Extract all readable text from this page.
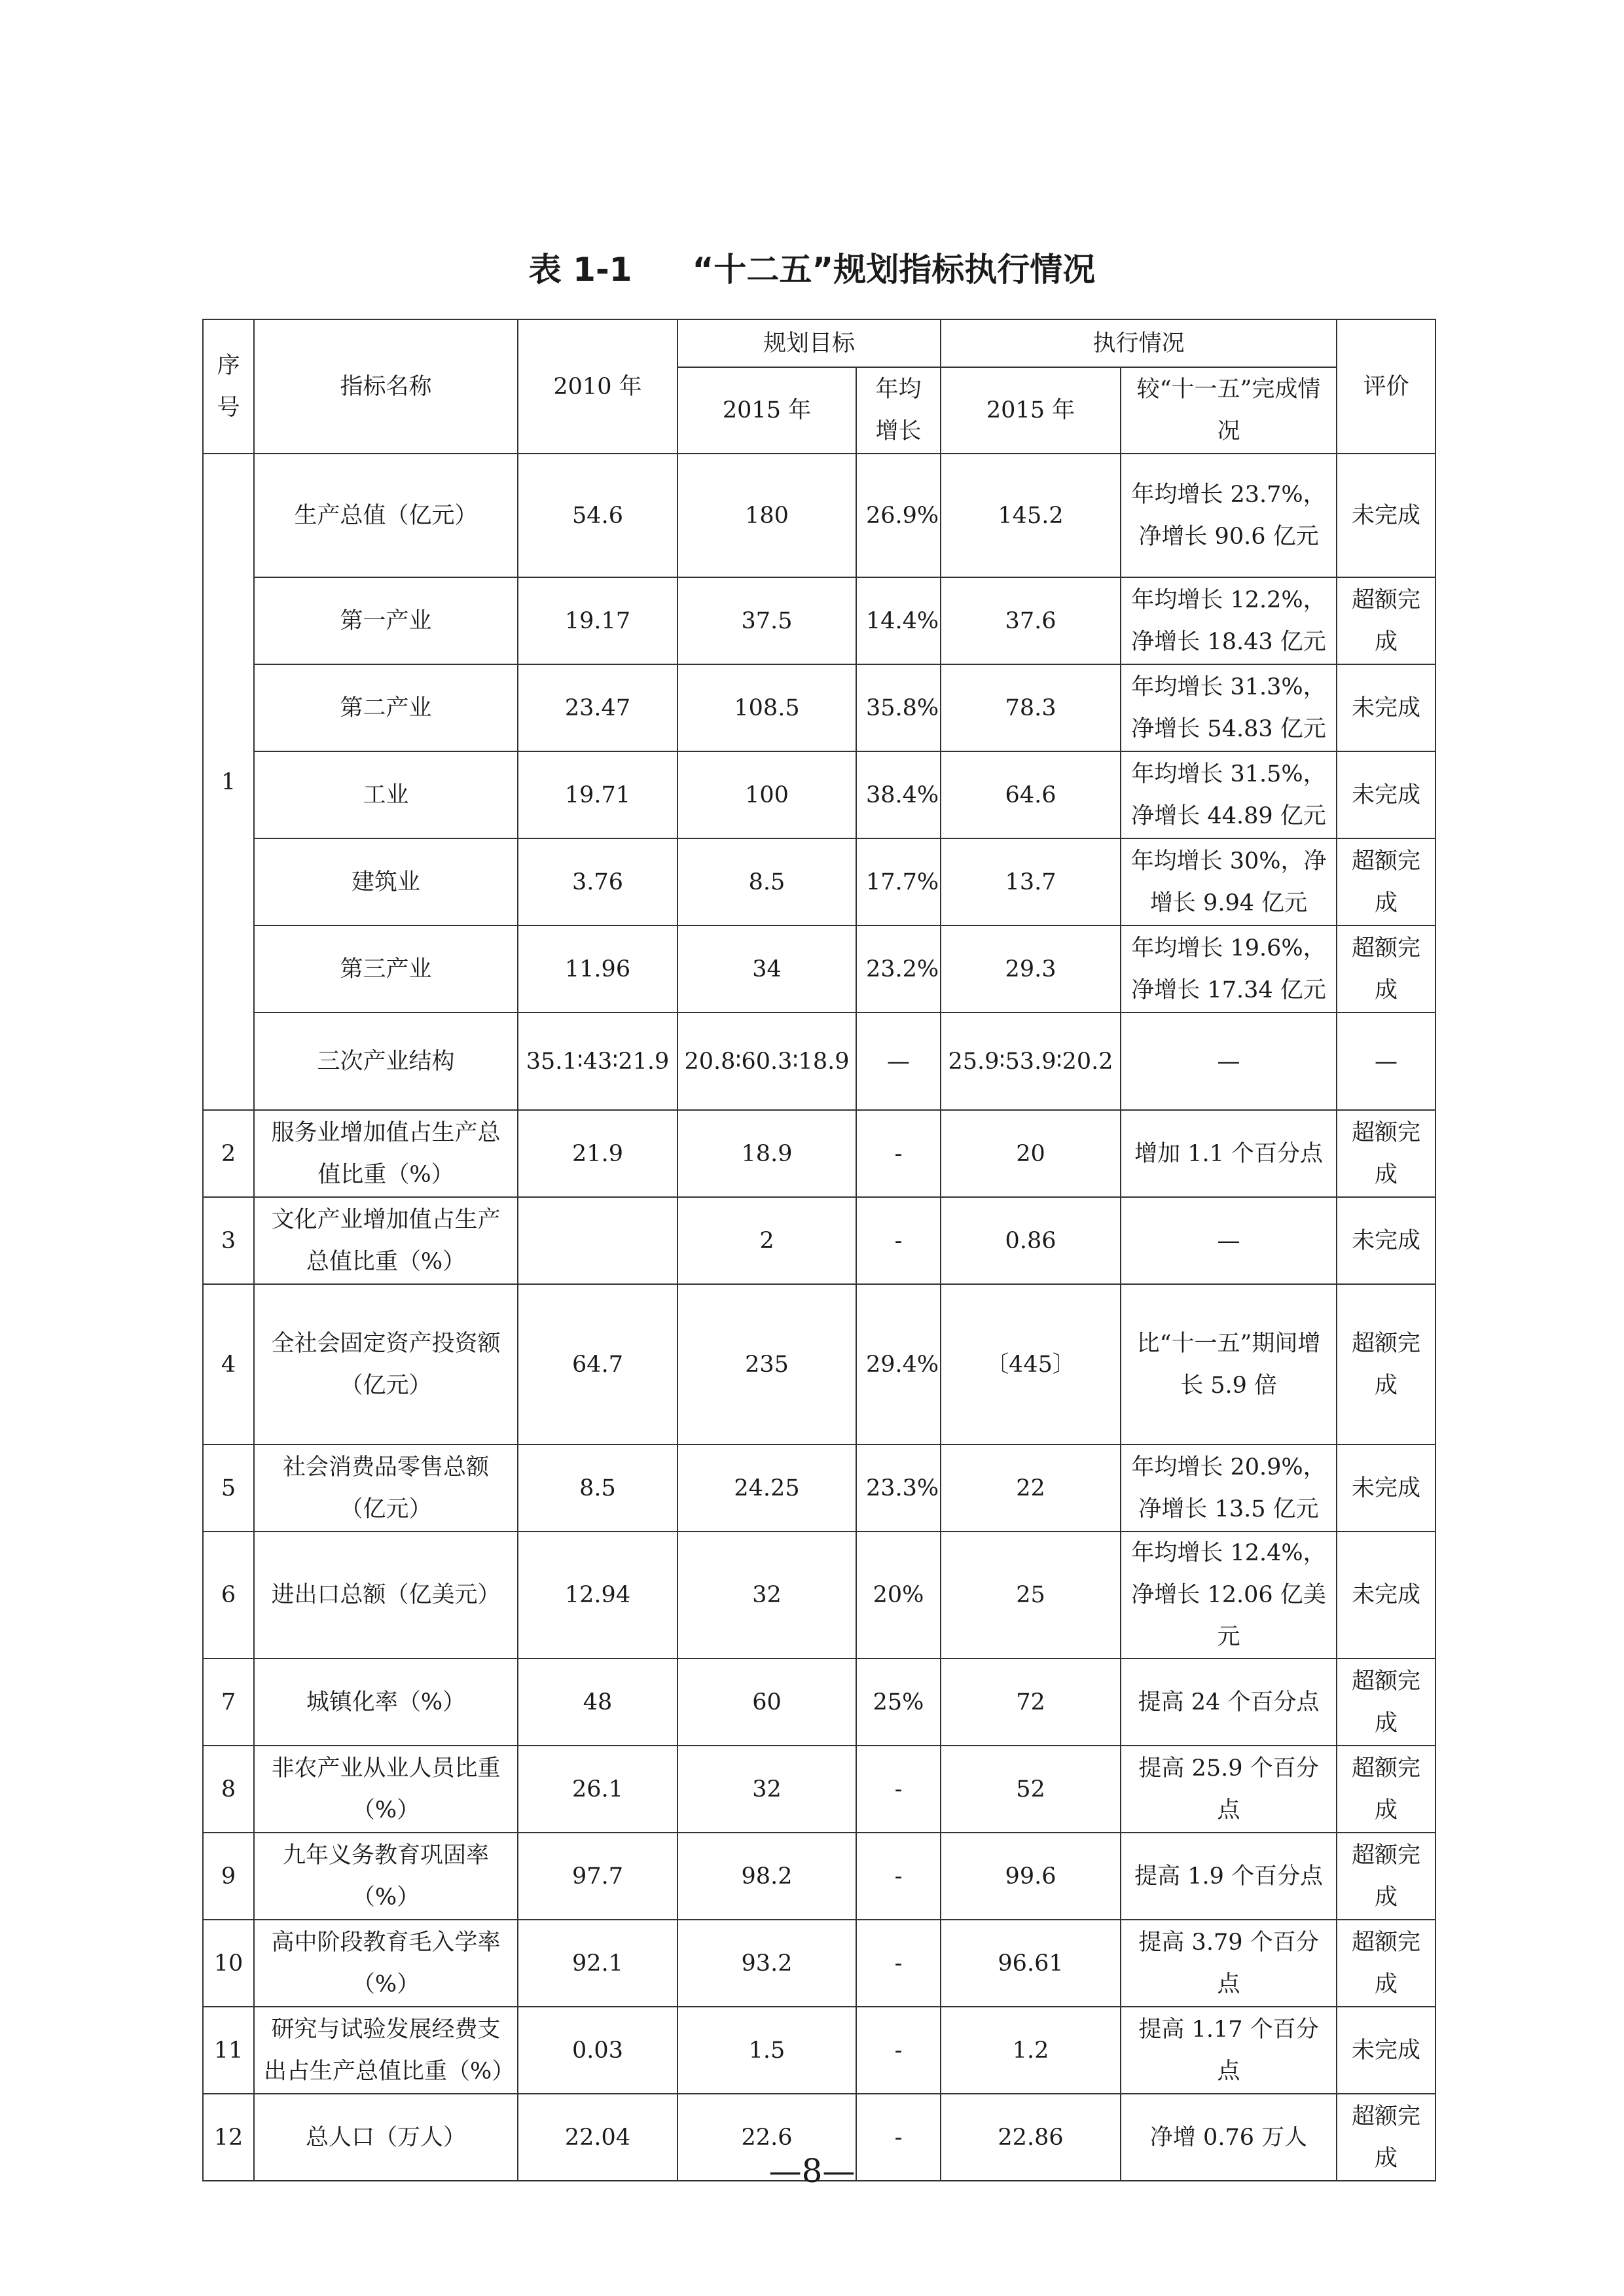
表 1-1 “十二五”规划指标执行情况
序号	指标名称	2010 年	规划目标		执行情况		评价
			2015 年	年均增长	2015 年	较“十一五”完成情况	
1	生产总值（亿元）	54.6	180	26.9%	145.2	年均增长 23.7%，净增长 90.6 亿元	未完成
	第一产业	19.17	37.5	14.4%	37.6	年均增长 12.2%，净增长 18.43 亿元	超额完成
	第二产业	23.47	108.5	35.8%	78.3	年均增长 31.3%，净增长 54.83 亿元	未完成
	工业	19.71	100	38.4%	64.6	年均增长 31.5%，净增长 44.89 亿元	未完成
	建筑业	3.76	8.5	17.7%	13.7	年均增长 30%，净增长 9.94 亿元	超额完成
	第三产业	11.96	34	23.2%	29.3	年均增长 19.6%，净增长 17.34 亿元	超额完成
	三次产业结构	35.1∶43∶21.9	20.8∶60.3∶18.9	—	25.9∶53.9∶20.2	—	—
2	服务业增加值占生产总值比重（%）	21.9	18.9	-	20	增加 1.1 个百分点	超额完成
3	文化产业增加值占生产总值比重（%）		2	-	0.86	—	未完成
4	全社会固定资产投资额（亿元）	64.7	235	29.4%	〔445〕	比“十一五”期间增长 5.9 倍	超额完成
5	社会消费品零售总额（亿元）	8.5	24.25	23.3%	22	年均增长 20.9%，净增长 13.5 亿元	未完成
6	进出口总额（亿美元）	12.94	32	20%	25	年均增长 12.4%，净增长 12.06 亿美元	未完成
7	城镇化率（%）	48	60	25%	72	提高 24 个百分点	超额完成
8	非农产业从业人员比重（%）	26.1	32	-	52	提高 25.9 个百分点	超额完成
9	九年义务教育巩固率（%）	97.7	98.2	-	99.6	提高 1.9 个百分点	超额完成
10	高中阶段教育毛入学率（%）	92.1	93.2	-	96.61	提高 3.79 个百分点	超额完成
11	研究与试验发展经费支出占生产总值比重（%）	0.03	1.5	-	1.2	提高 1.17 个百分点	未完成
12	总人口（万人）	22.04	22.6	-	22.86	净增 0.76 万人	超额完成
—8—
